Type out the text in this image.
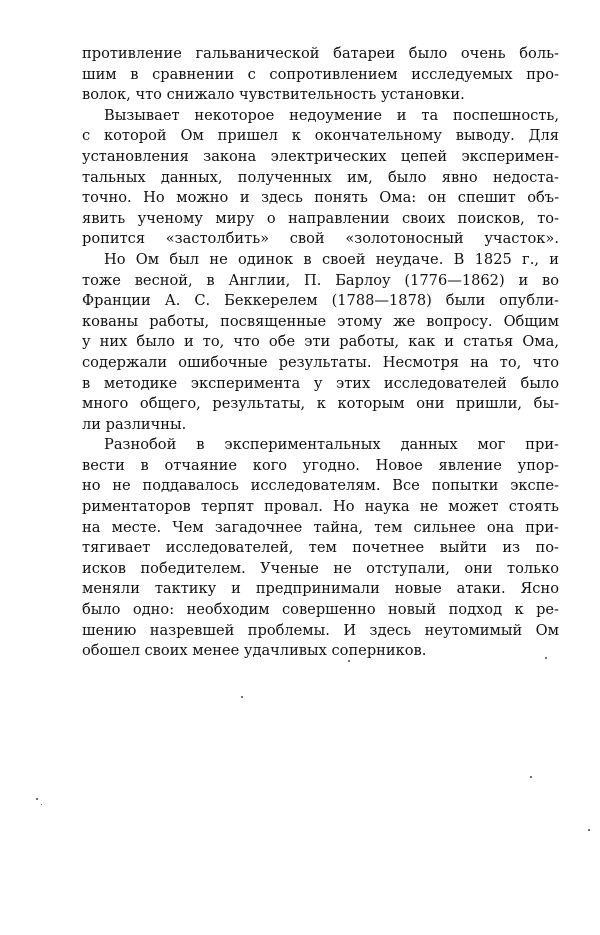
противление гальванической батареи было очень боль-
шим в сравнении с сопротивлением исследуемых про-
волок, что снижало чувствительность установки.
Вызывает некоторое недоумение и та поспешность,
с которой Ом пришел к окончательному выводу. Для
установления закона электрических цепей эксперимен-
тальных данных, полученных им, было явно недоста-
точно. Но можно и здесь понять Ома: он спешит объ-
явить ученому миру о направлении своих поисков, то-
ропится «застолбить» свой «золотоносный участок».
Но Ом был не одинок в своей неудаче. В 1825 г., и
тоже весной, в Англии, П. Барлоу (1776—1862) и во
Франции А. С. Беккерелем (1788—1878) были опубли-
кованы работы, посвященные этому же вопросу. Общим
у них было и то, что обе эти работы, как и статья Ома,
содержали ошибочные результаты. Несмотря на то, что
в методике эксперимента у этих исследователей было
много общего, результаты, к которым они пришли, бы-
ли различны.
Разнобой в экспериментальных данных мог при-
вести в отчаяние кого угодно. Новое явление упор-
но не поддавалось исследователям. Все попытки экспе-
риментаторов терпят провал. Но наука не может стоять
на месте. Чем загадочнее тайна, тем сильнее она при-
тягивает исследователей, тем почетнее выйти из по-
исков победителем. Ученые не отступали, они только
меняли тактику и предпринимали новые атаки. Ясно
было одно: необходим совершенно новый подход к ре-
шению назревшей проблемы. И здесь неутомимый Ом
обошел своих менее удачливых соперников.
